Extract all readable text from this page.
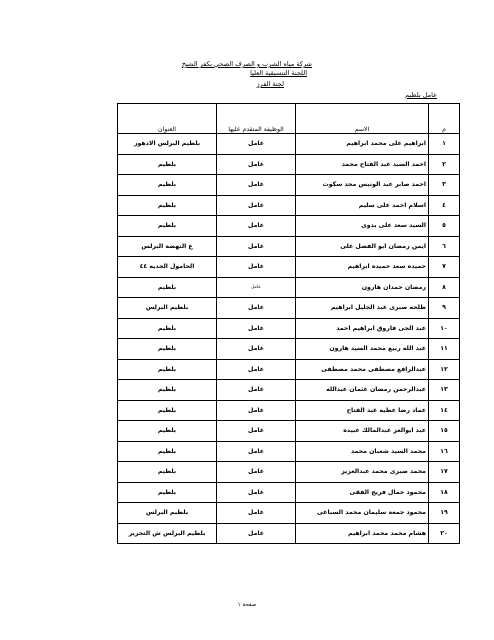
شركة مياه الشرب و الصرف الصحي بكفر الشيخ
اللجنة التنسيقية العليا
لجنة الفرز
عامل بلطيم
م	الاسم	الوظيفة المتقدم عليها	العنوان
١	ابراهيم على محمد ابراهيم	عامل	بلطيم البرلس الادهور
٢	احمد السيد عبد الفتاح محمد	عامل	بلطيم
٣	احمد صابر عبد الونيس مجد سكوت	عامل	بلطيم
٤	اسلام احمد على سليم	عامل	بلطيم
٥	السيد سعد على بدوى	عامل	بلطيم
٦	ايمن رمضان ابو الفضل على	عامل	ع النهضة البرلس
٧	حميده سعد حميده ابراهيم	عامل	الحامول الجديه ٤٤
٨	رمضان حمدان هارون	عامل	بلطيم
٩	طلحه صبرى عبد الجليل ابراهيم	عامل	بلطيم البرلس
١٠	عبد الحى فاروق ابراهيم احمد	عامل	بلطيم
١١	عبد الله ربيع محمد السيد هارون	عامل	بلطيم
١٢	عبدالرافع مصطفى محمد مصطفى	عامل	بلطيم
١٣	عبدالرحمن رمضان عثمان عبدالله	عامل	بلطيم
١٤	عماد رضا عطيه عبد الفتاح	عامل	بلطيم
١٥	عبد ابوالعز عبدالمالك عبيده	عامل	بلطيم
١٦	محمد السيد شعبان محمد	عامل	بلطيم
١٧	محمد صبرى محمد عبدالعزيز	عامل	بلطيم
١٨	محمود جمال فريج الفقى	عامل	بلطيم
١٩	محمود جمعة سليمان محمد السباعى	عامل	بلطيم البرلس
٢٠	هشام محمد محمد ابراهيم	عامل	بلطيم البرلس ش التحرير
صفحة ١
